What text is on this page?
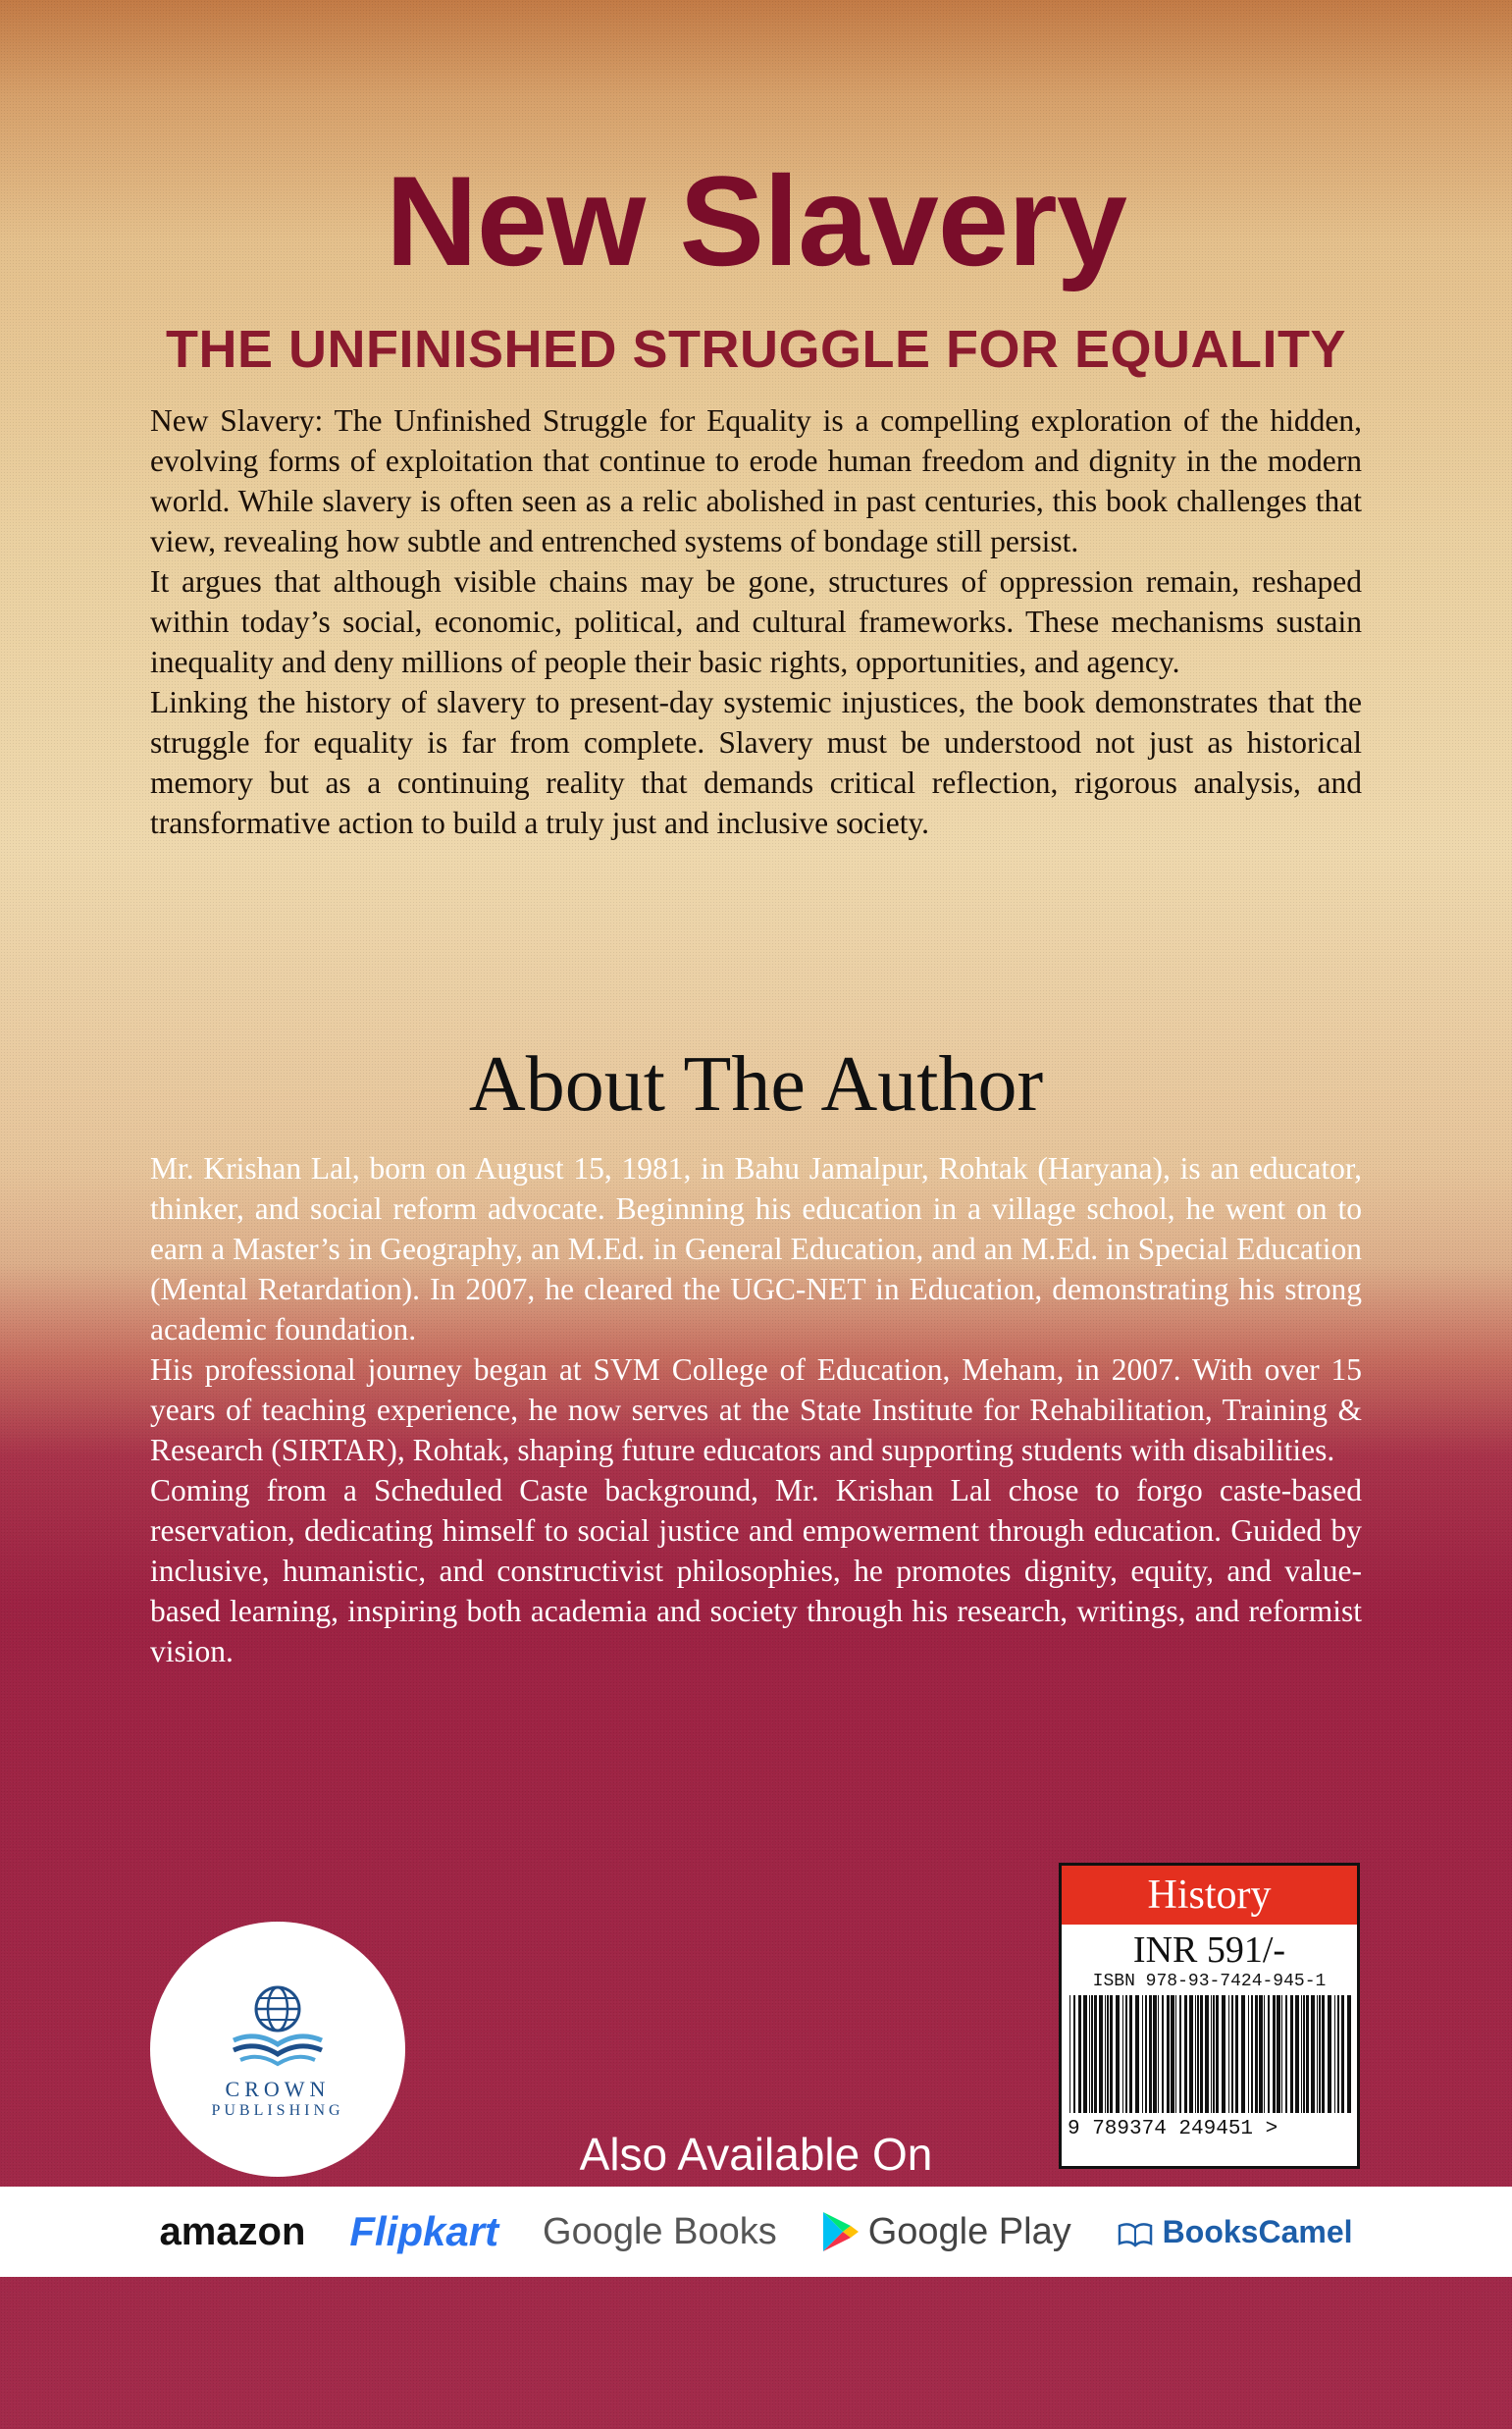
New Slavery
THE UNFINISHED STRUGGLE FOR EQUALITY

New Slavery: The Unfinished Struggle for Equality is a compelling exploration of the hidden, evolving forms of exploitation that continue to erode human freedom and dignity in the modern world. While slavery is often seen as a relic abolished in past centuries, this book challenges that view, revealing how subtle and entrenched systems of bondage still persist.

It argues that although visible chains may be gone, structures of oppression remain, reshaped within today’s social, economic, political, and cultural frameworks. These mechanisms sustain inequality and deny millions of people their basic rights, opportunities, and agency.

Linking the history of slavery to present-day systemic injustices, the book demonstrates that the struggle for equality is far from complete. Slavery must be understood not just as historical memory but as a continuing reality that demands critical reflection, rigorous analysis, and transformative action to build a truly just and inclusive society.

About The Author

Mr. Krishan Lal, born on August 15, 1981, in Bahu Jamalpur, Rohtak (Haryana), is an educator, thinker, and social reform advocate. Beginning his education in a village school, he went on to earn a Master’s in Geography, an M.Ed. in General Education, and an M.Ed. in Special Education (Mental Retardation). In 2007, he cleared the UGC-NET in Education, demonstrating his strong academic foundation.

His professional journey began at SVM College of Education, Meham, in 2007. With over 15 years of teaching experience, he now serves at the State Institute for Rehabilitation, Training & Research (SIRTAR), Rohtak, shaping future educators and supporting students with disabilities.

Coming from a Scheduled Caste background, Mr. Krishan Lal chose to forgo caste-based reservation, dedicating himself to social justice and empowerment through education. Guided by inclusive, humanistic, and constructivist philosophies, he promotes dignity, equity, and value-based learning, inspiring both academia and society through his research, writings, and reformist vision.

CROWN
PUBLISHING
History
INR 591/-
ISBN 978-93-7424-945-1
9 789374 249451 >
Also Available On
amazon Flipkart Google Books Google Play	BooksCamel
